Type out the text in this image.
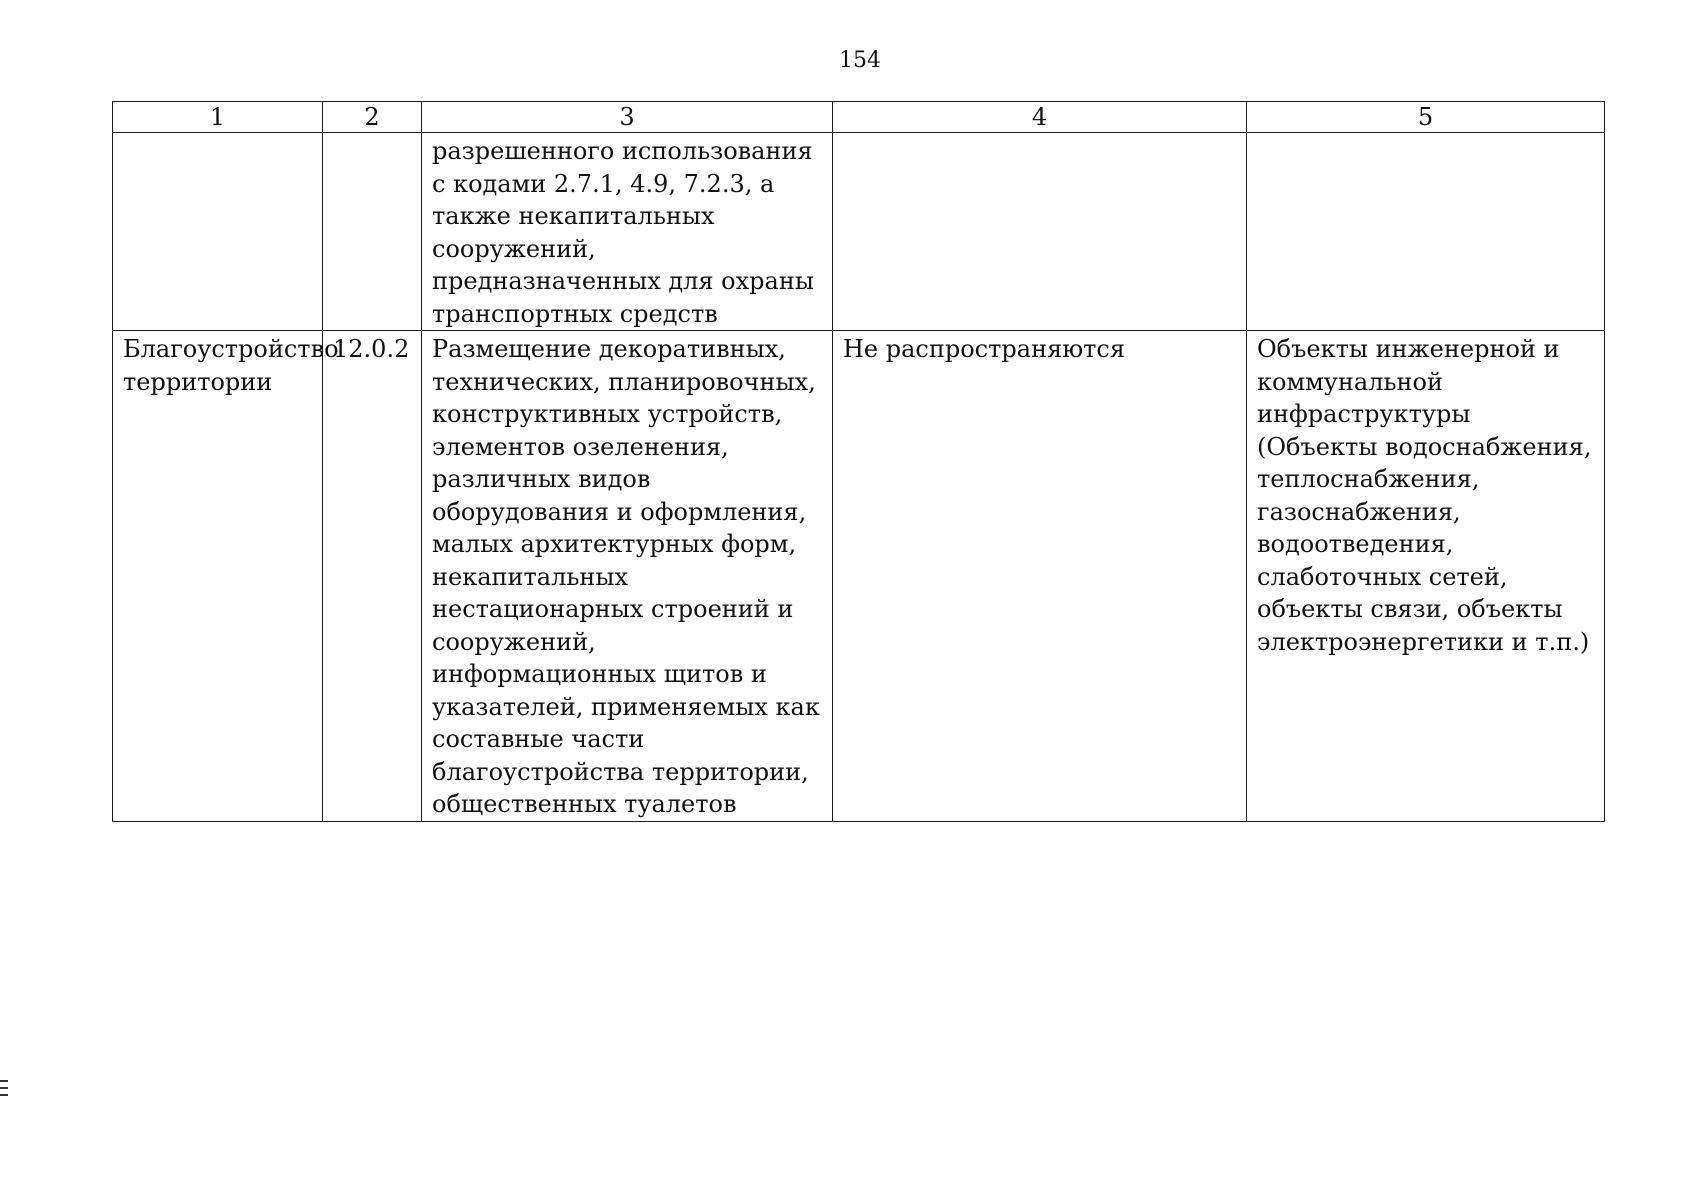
154
1	2	3	4	5
		разрешенного использования с кодами 2.7.1, 4.9, 7.2.3, а также некапитальных сооружений, предназначенных для охраны транспортных средств		
Благоустройство территории	12.0.2	Размещение декоративных, технических, планировочных, конструктивных устройств, элементов озеленения, различных видов оборудования и оформления, малых архитектурных форм, некапитальных нестационарных строений и сооружений, информационных щитов и указателей, применяемых как составные части благоустройства территории, общественных туалетов	Не распространяются	Объекты инженерной и коммунальной инфраструктуры (Объекты водоснабжения, теплоснабжения, газоснабжения, водоотведения, слаботочных сетей, объекты связи, объекты электроэнергетики и т.п.)
